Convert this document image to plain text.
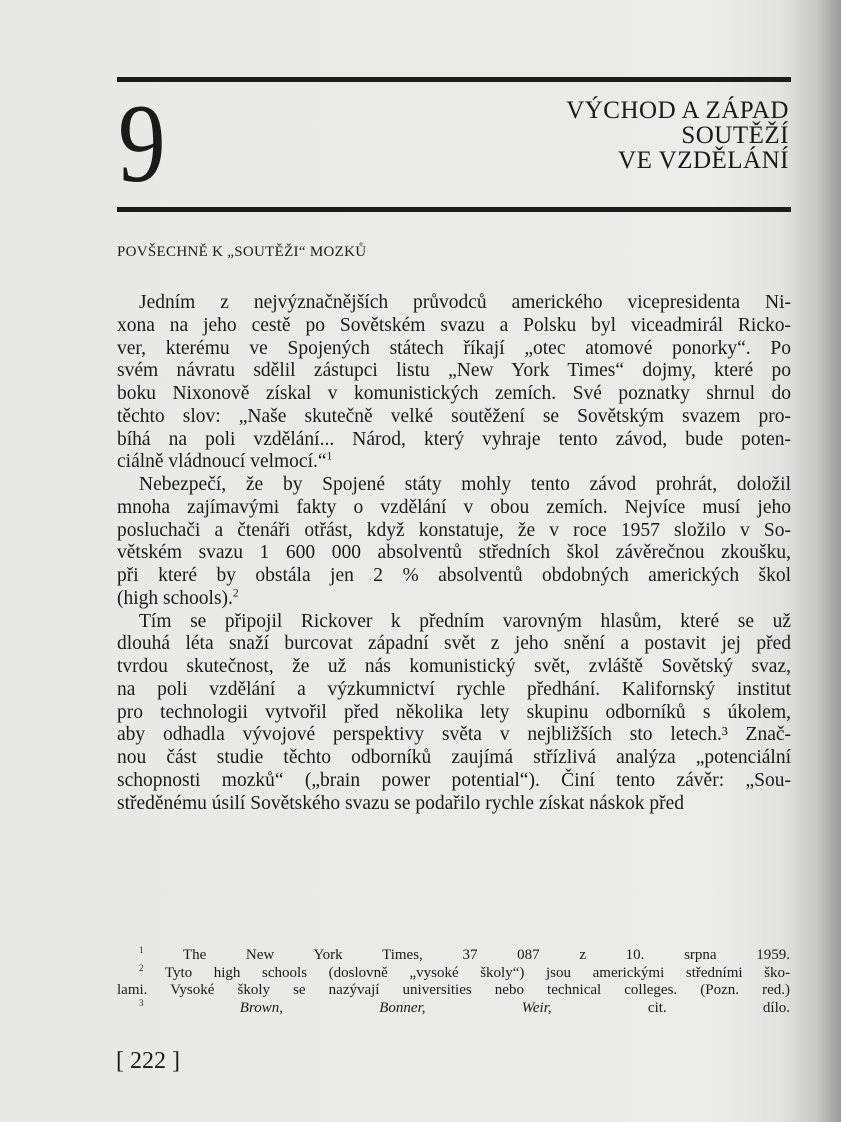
9	VÝCHOD A ZÁPAD
SOUTĚŽÍ
VE VZDĚLÁNÍ
POVŠECHNĚ K „SOUTĚŽI“ MOZKŮ
Jedním z nejvýznačnějších průvodců amerického vicepresidenta Ni-
xona na jeho cestě po Sovětském svazu a Polsku byl viceadmirál Ricko-
ver, kterému ve Spojených státech říkají „otec atomové ponorky“. Po
svém návratu sdělil zástupci listu „New York Times“ dojmy, které po
boku Nixonově získal v komunistických zemích. Své poznatky shrnul do
těchto slov: „Naše skutečně velké soutěžení se Sovětským svazem pro-
bíhá na poli vzdělání... Národ, který vyhraje tento závod, bude poten-
ciálně vládnoucí velmocí.“$^1$
Nebezpečí, že by Spojené státy mohly tento závod prohrát, doložil
mnoha zajímavými fakty o vzdělání v obou zemích. Nejvíce musí jeho
posluchači a čtenáři otřást, když konstatuje, že v roce 1957 složilo v So-
větském svazu 1 600 000 absolventů středních škol závěrečnou zkoušku,
při které by obstála jen 2 % absolventů obdobných amerických škol
(high schools).$^2$
Tím se připojil Rickover k předním varovným hlasům, které se už
dlouhá léta snaží burcovat západní svět z jeho snění a postavit jej před
tvrdou skutečnost, že už nás komunistický svět, zvláště Sovětský svaz,
na poli vzdělání a výzkumnictví rychle předhání. Kalifornský institut
pro technologii vytvořil před několika lety skupinu odborníků s úkolem,
aby odhadla vývojové perspektivy světa v nejbližších sto letech.³ Znač-
nou část studie těchto odborníků zaujímá střízlivá analýza „potenciální
schopnosti mozků“ („brain power potential“). Činí tento závěr: „Sou-
středěnému úsilí Sovětského svazu se podařilo rychle získat náskok před
$^1$	The New York Times, 37 087 z 10. srpna 1959.
$^2$ Tyto high schools (doslovně „vysoké školy“) jsou americkými středními ško-
lami. Vysoké školy se nazývají universities nebo technical colleges. (Pozn. red.)
$^3$	Brown, Bonner, Weir,	cit. dílo.
[ 222 ]
